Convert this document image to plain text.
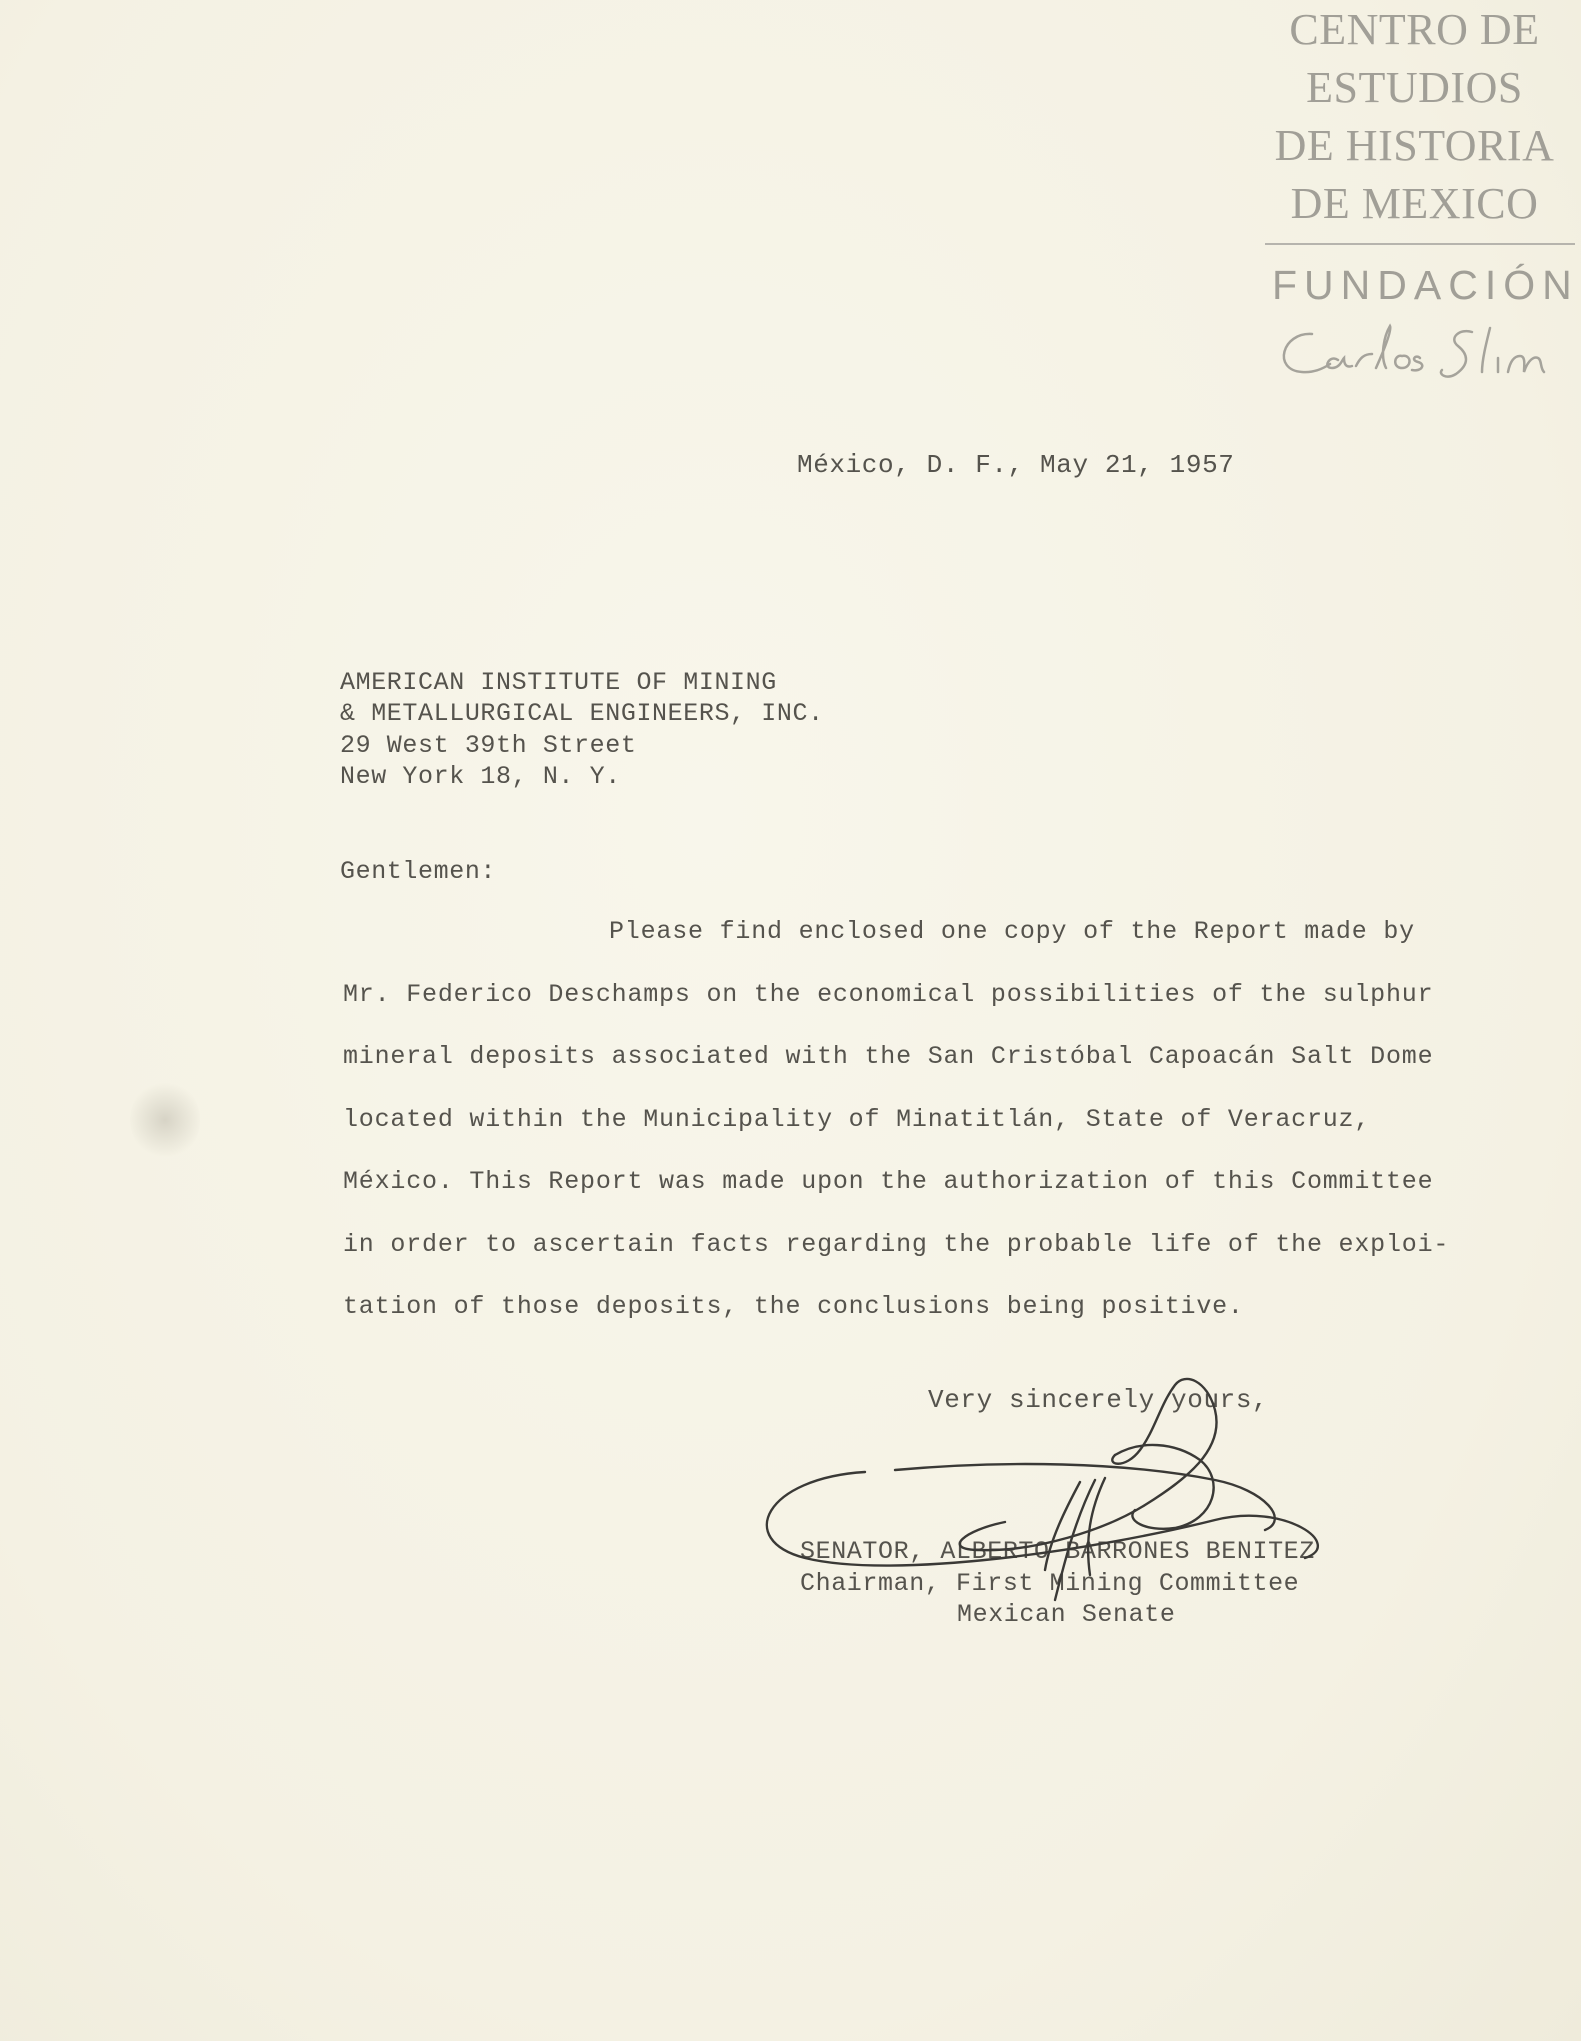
CENTRO DE
ESTUDIOS
DE HISTORIA
DE MEXICO
FUNDACIÓN
México, D. F., May 21, 1957
AMERICAN INSTITUTE OF MINING
& METALLURGICAL ENGINEERS, INC.
29 West 39th Street
New York 18, N. Y.
Gentlemen:
Please find enclosed one copy of the Report made by
Mr. Federico Deschamps on the economical possibilities of the sulphur
mineral deposits associated with the San Cristóbal Capoacán Salt Dome
located within the Municipality of Minatitlán, State of Veracruz,
México. This Report was made upon the authorization of this Committee
in order to ascertain facts regarding the probable life of the exploi-
tation of those deposits, the conclusions being positive.
Very sincerely yours,
SENATOR, ALBERTO BARRONES BENITEZ
Chairman, First Mining Committee
Mexican Senate
